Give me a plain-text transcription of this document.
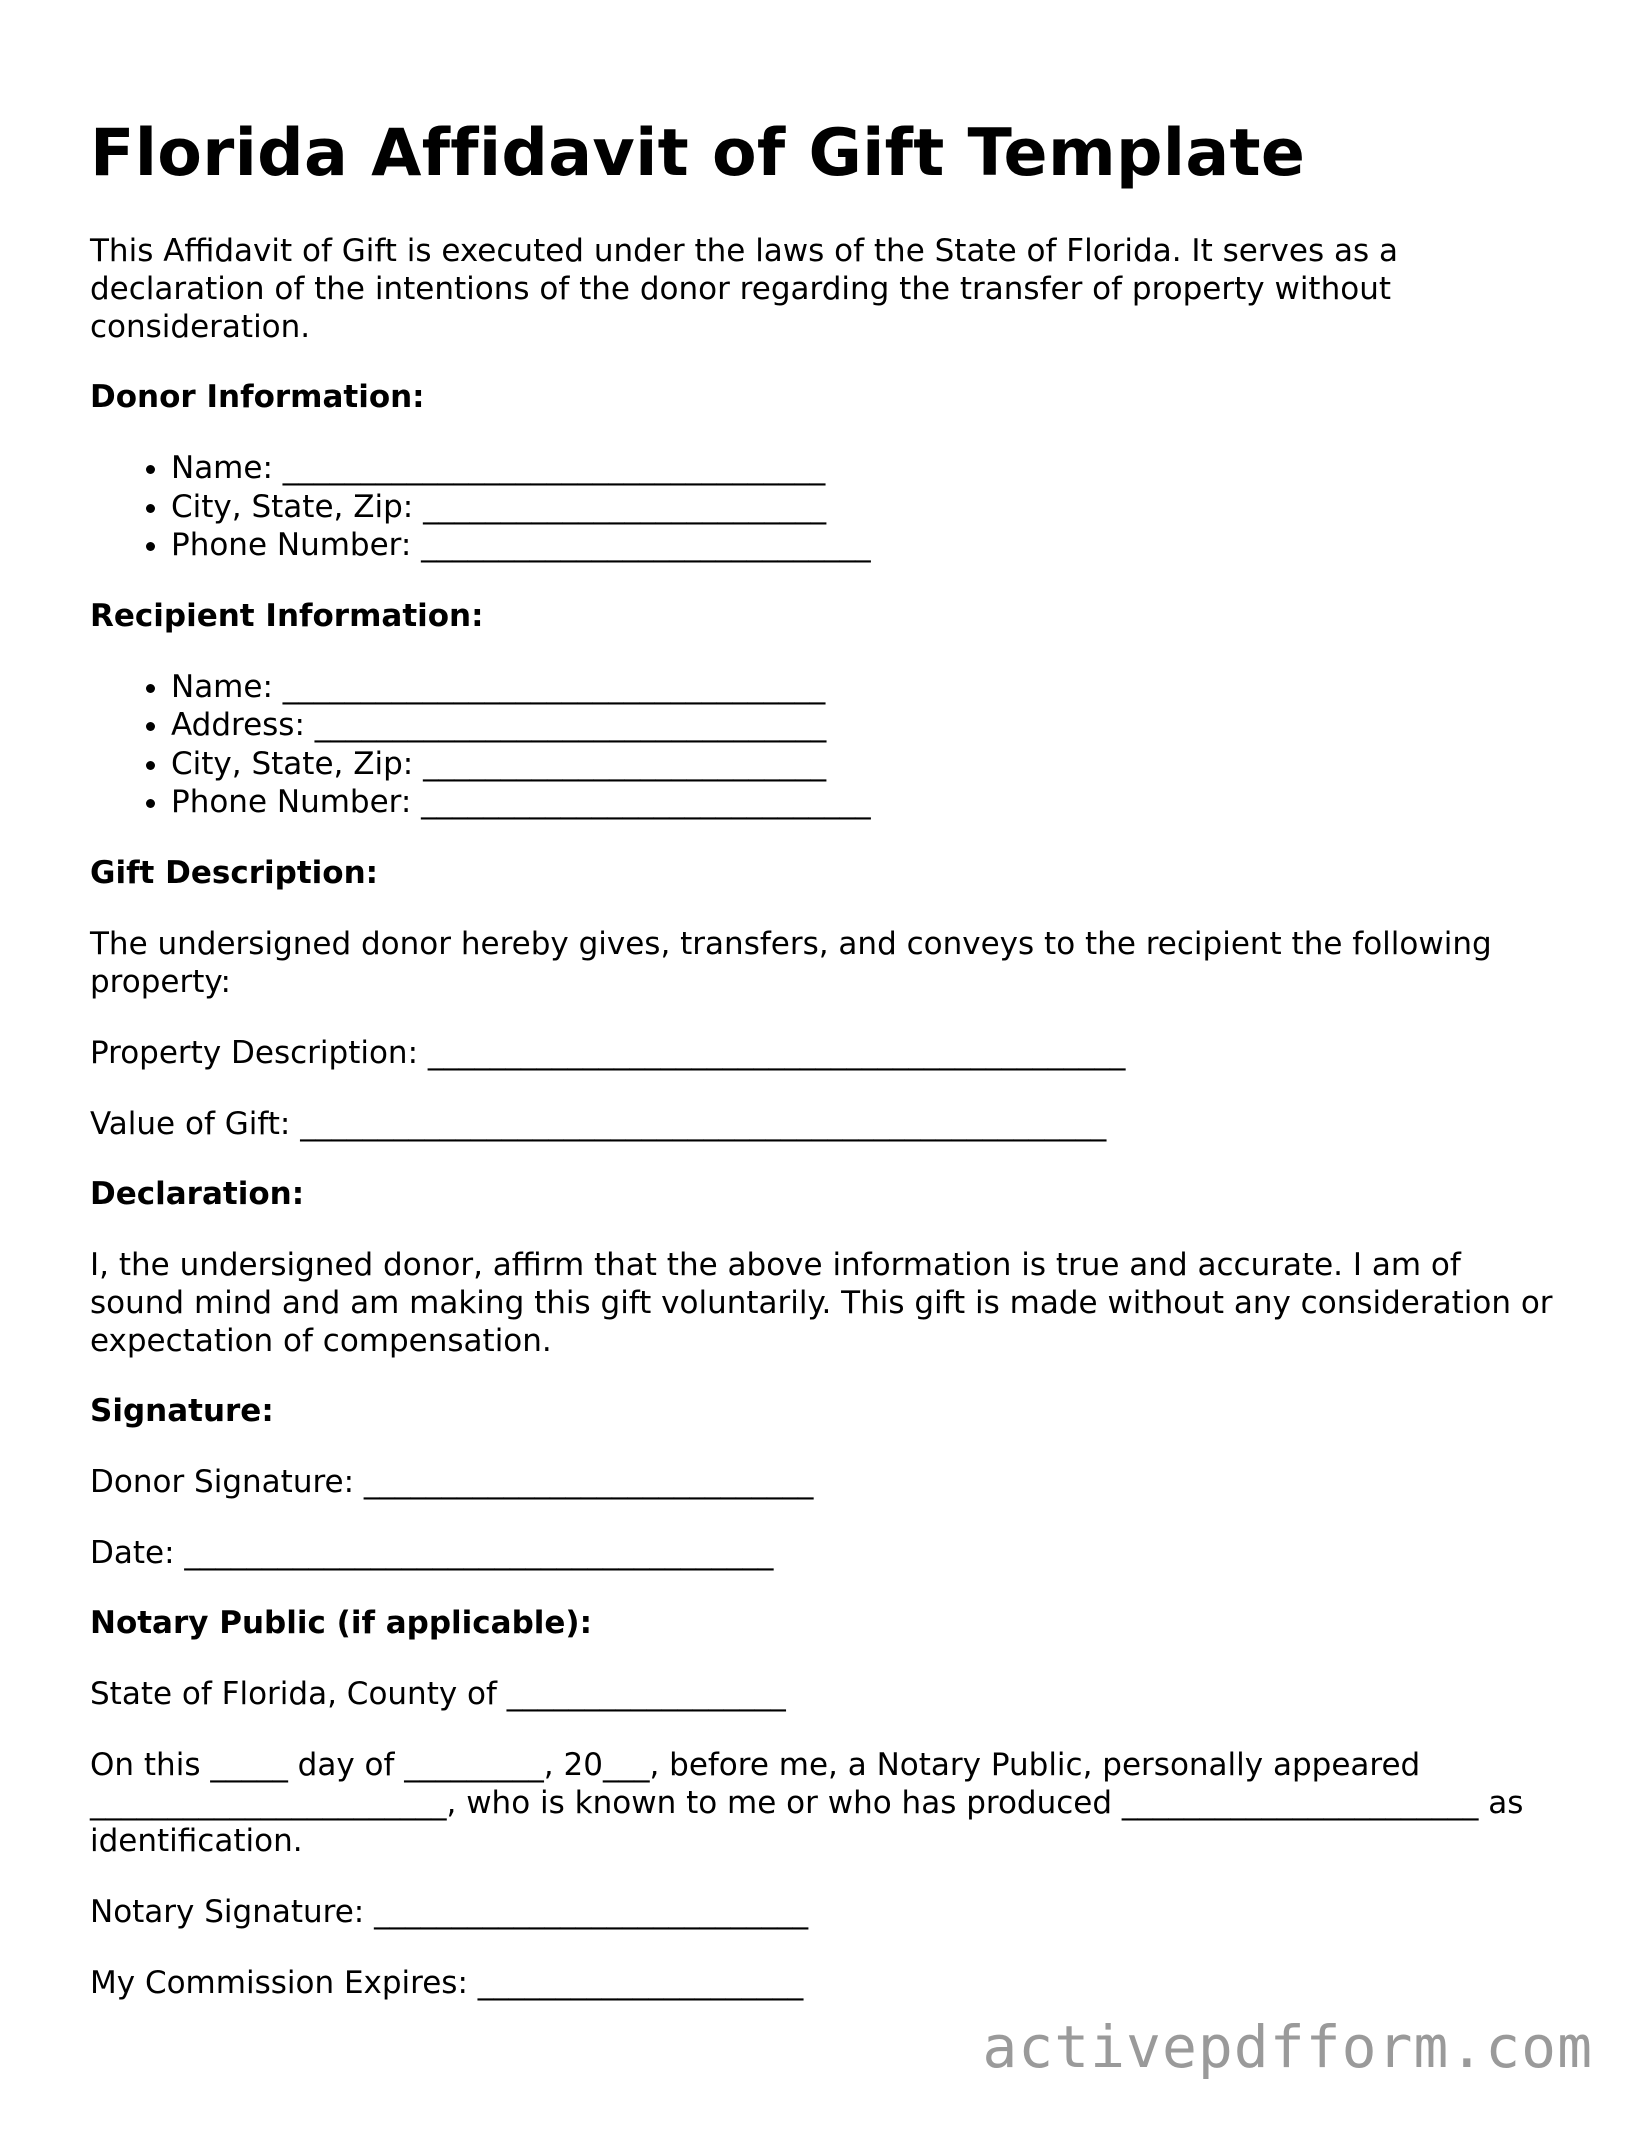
Florida Affidavit of Gift Template

This Affidavit of Gift is executed under the laws of the State of Florida. It serves as a declaration of the intentions of the donor regarding the transfer of property without consideration.

Donor Information:
• Name: ___________________________________
• City, State, Zip: __________________________
• Phone Number: _____________________________
Recipient Information:
• Name: ___________________________________
• Address: _________________________________
• City, State, Zip: __________________________
• Phone Number: _____________________________
Gift Description:

The undersigned donor hereby gives, transfers, and conveys to the recipient the following property:

Property Description: _____________________________________________

Value of Gift: ____________________________________________________

Declaration:

I, the undersigned donor, affirm that the above information is true and accurate. I am of sound mind and am making this gift voluntarily. This gift is made without any consideration or expectation of compensation.

Signature:

Donor Signature: _____________________________

Date: ______________________________________

Notary Public (if applicable):

State of Florida, County of __________________

On this _____ day of _________, 20___, before me, a Notary Public, personally appeared _______________________, who is known to me or who has produced _______________________ as identification.

Notary Signature: ____________________________

My Commission Expires: _____________________

activepdfform.com
